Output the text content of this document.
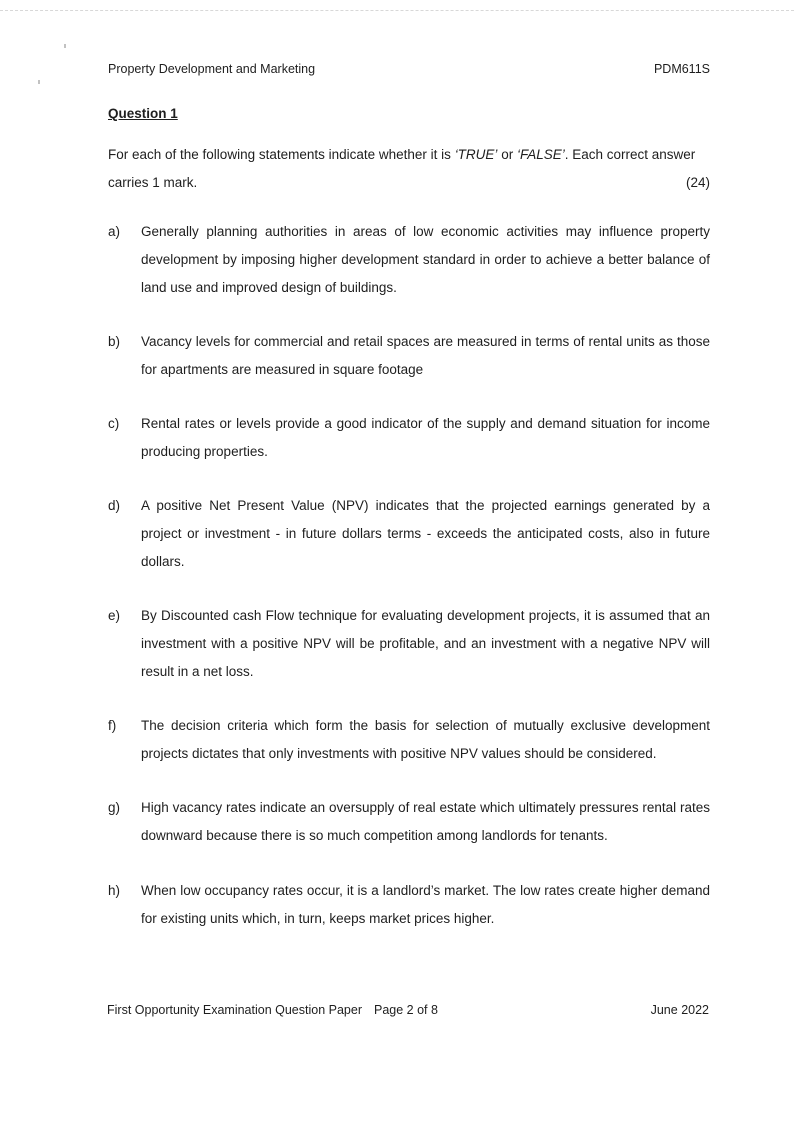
Property Development and Marketing	PDM611S
Question 1
For each of the following statements indicate whether it is ‘TRUE’ or ‘FALSE’. Each correct answer
carries 1 mark.	(24)
a)	Generally planning authorities in areas of low economic activities may influence property development by imposing higher development standard in order to achieve a better balance of land use and improved design of buildings.
b)	Vacancy levels for commercial and retail spaces are measured in terms of rental units as those for apartments are measured in square footage
c)	Rental rates or levels provide a good indicator of the supply and demand situation for income producing properties.
d)	A positive Net Present Value (NPV) indicates that the projected earnings generated by a project or investment - in future dollars terms - exceeds the anticipated costs, also in future dollars.
e)	By Discounted cash Flow technique for evaluating development projects, it is assumed that an investment with a positive NPV will be profitable, and an investment with a negative NPV will result in a net loss.
f)	The decision criteria which form the basis for selection of mutually exclusive development projects dictates that only investments with positive NPV values should be considered.
g)	High vacancy rates indicate an oversupply of real estate which ultimately pressures rental rates downward because there is so much competition among landlords for tenants.
h)	When low occupancy rates occur, it is a landlord’s market. The low rates create higher demand for existing units which, in turn, keeps market prices higher.
First Opportunity Examination Question Paper Page 2 of 8	June 2022
